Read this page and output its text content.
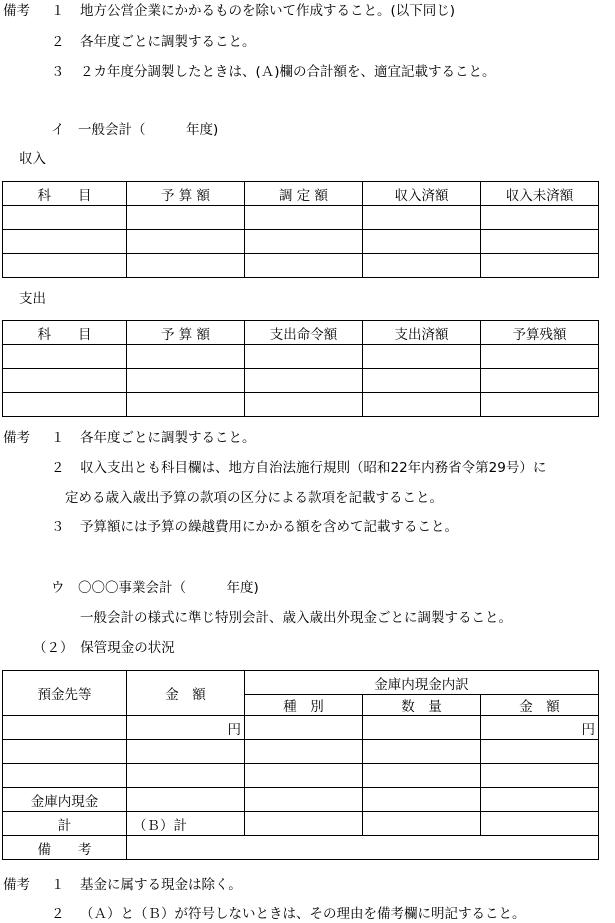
備考 １ 地方公営企業にかかるものを除いて作成すること。(以下同じ)
２ 各年度ごとに調製すること。
３ ２カ年度分調製したときは、(Ａ)欄の合計額を、適宜記載すること。
イ　一般会計（　　　年度)
収入
科　　目	予 算 額	調 定 額	収入済額	収入未済額

支出
科　　目	予 算 額	支出命令額	支出済額	予算残額

備考 １ 各年度ごとに調製すること。
２ 収入支出とも科目欄は、地方自治法施行規則（昭和22年内務省令第29号）に
定める歳入歳出予算の款項の区分による款項を記載すること。
３ 予算額には予算の繰越費用にかかる額を含めて記載すること。
ウ　〇〇〇事業会計（　　　年度)
一般会計の様式に準じ特別会計、歳入歳出外現金ごとに調製すること。
（２）　保管現金の状況
預金先等	金　額	金庫内現金内訳		
		種　別	数　量	金　額
	円			円

金庫内現金				
計	（Ｂ）計			
備　　考				
備考 １ 基金に属する現金は除く。
２ （Ａ）と（Ｂ）が符号しないときは、その理由を備考欄に明記すること。
